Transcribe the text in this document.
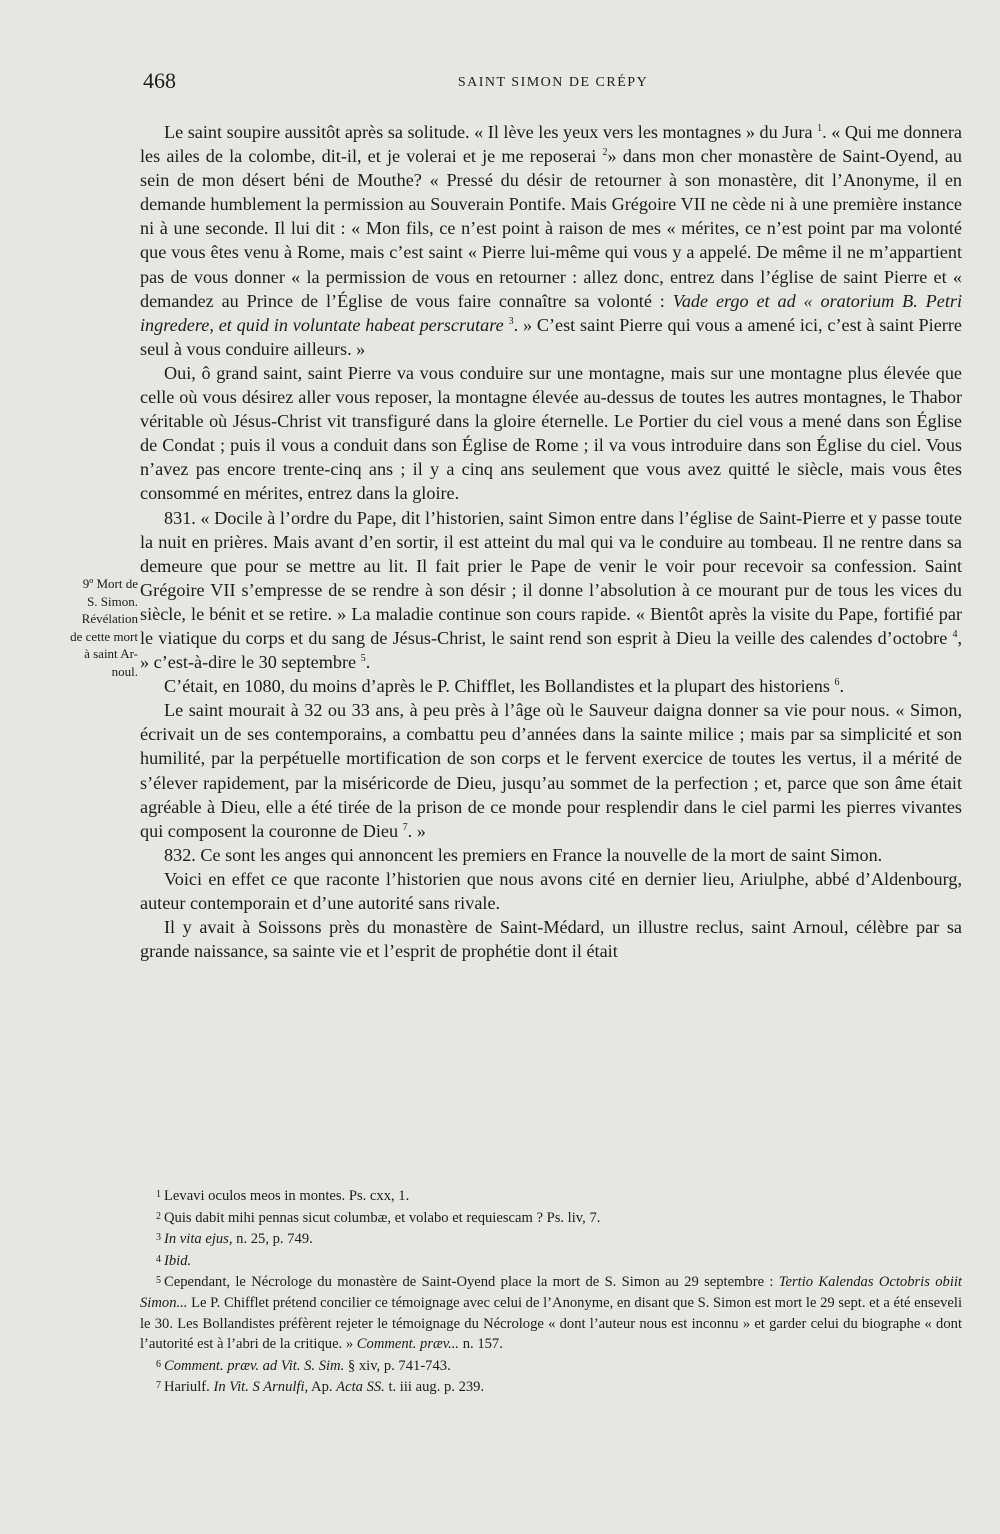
468	SAINT SIMON DE CRÉPY
9º Mort de
S. Simon.
Révélation
de cette mort
à saint Ar-
noul.

Le saint soupire aussitôt après sa solitude. « Il lève les yeux vers les montagnes » du Jura $^1$. « Qui me donnera les ailes de la colombe, dit-il, et je volerai et je me reposerai $^2$» dans mon cher monastère de Saint-Oyend, au sein de mon désert béni de Mouthe? « Pressé du désir de retourner à son monastère, dit l’Anonyme, il en demande humblement la permission au Souverain Pontife. Mais Grégoire VII ne cède ni à une première instance ni à une seconde. Il lui dit : « Mon fils, ce n’est point à raison de mes « mérites, ce n’est point par ma volonté que vous êtes venu à Rome, mais c’est saint « Pierre lui-même qui vous y a appelé. De même il ne m’appartient pas de vous donner « la permission de vous en retourner : allez donc, entrez dans l’église de saint Pierre et « demandez au Prince de l’Église de vous faire connaître sa volonté : Vade ergo et ad « oratorium B. Petri ingredere, et quid in voluntate habeat perscrutare $^3$. » C’est saint Pierre qui vous a amené ici, c’est à saint Pierre seul à vous conduire ailleurs. »

Oui, ô grand saint, saint Pierre va vous conduire sur une montagne, mais sur une montagne plus élevée que celle où vous désirez aller vous reposer, la montagne élevée au-dessus de toutes les autres montagnes, le Thabor véritable où Jésus-Christ vit transfiguré dans la gloire éternelle. Le Portier du ciel vous a mené dans son Église de Condat ; puis il vous a conduit dans son Église de Rome ; il va vous introduire dans son Église du ciel. Vous n’avez pas encore trente-cinq ans ; il y a cinq ans seulement que vous avez quitté le siècle, mais vous êtes consommé en mérites, entrez dans la gloire.

831. « Docile à l’ordre du Pape, dit l’historien, saint Simon entre dans l’église de Saint-Pierre et y passe toute la nuit en prières. Mais avant d’en sortir, il est atteint du mal qui va le conduire au tombeau. Il ne rentre dans sa demeure que pour se mettre au lit. Il fait prier le Pape de venir le voir pour recevoir sa confession. Saint Grégoire VII s’empresse de se rendre à son désir ; il donne l’absolution à ce mourant pur de tous les vices du siècle, le bénit et se retire. » La maladie continue son cours rapide. « Bientôt après la visite du Pape, fortifié par le viatique du corps et du sang de Jésus-Christ, le saint rend son esprit à Dieu la veille des calendes d’octobre $^4$, » c’est-à-dire le 30 septembre $^5$.

C’était, en 1080, du moins d’après le P. Chifflet, les Bollandistes et la plupart des historiens $^6$.

Le saint mourait à 32 ou 33 ans, à peu près à l’âge où le Sauveur daigna donner sa vie pour nous. « Simon, écrivait un de ses contemporains, a combattu peu d’années dans la sainte milice ; mais par sa simplicité et son humilité, par la perpétuelle mortification de son corps et le fervent exercice de toutes les vertus, il a mérité de s’élever rapidement, par la miséricorde de Dieu, jusqu’au sommet de la perfection ; et, parce que son âme était agréable à Dieu, elle a été tirée de la prison de ce monde pour resplendir dans le ciel parmi les pierres vivantes qui composent la couronne de Dieu $^7$. »

832. Ce sont les anges qui annoncent les premiers en France la nouvelle de la mort de saint Simon.

Voici en effet ce que raconte l’historien que nous avons cité en dernier lieu, Ariulphe, abbé d’Aldenbourg, auteur contemporain et d’une autorité sans rivale.

Il y avait à Soissons près du monastère de Saint-Médard, un illustre reclus, saint Arnoul, célèbre par sa grande naissance, sa sainte vie et l’esprit de prophétie dont il était

$^1$ Levavi oculos meos in montes. Ps. cxx, 1.

$^2$ Quis dabit mihi pennas sicut columbæ, et volabo et requiescam ? Ps. liv, 7.

$^3$ In vita ejus, n. 25, p. 749.

$^4$ Ibid.

$^5$ Cependant, le Nécrologe du monastère de Saint-Oyend place la mort de S. Simon au 29 septembre : Tertio Kalendas Octobris obiit Simon... Le P. Chifflet prétend concilier ce témoignage avec celui de l’Anonyme, en disant que S. Simon est mort le 29 sept. et a été enseveli le 30. Les Bollandistes préfèrent rejeter le témoignage du Nécrologe « dont l’auteur nous est inconnu » et garder celui du biographe « dont l’autorité est à l’abri de la critique. » Comment. præv... n. 157.

$^6$ Comment. præv. ad Vit. S. Sim. § xiv, p. 741-743.

$^7$ Hariulf. In Vit. S Arnulfi, Ap. Acta SS. t. iii aug. p. 239.
